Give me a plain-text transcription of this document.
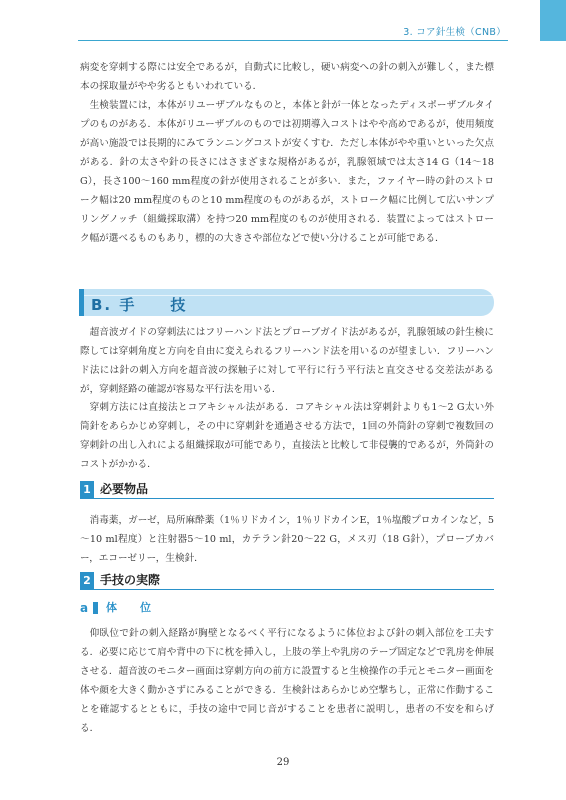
3. コア針生検（CNB）

病変を穿刺する際には安全であるが，自動式に比較し，硬い病変への針の刺入が難しく，また標本の採取量がやや劣るともいわれている．

生検装置には，本体がリユーザブルなものと，本体と針が一体となったディスポーザブルタイプのものがある．本体がリユーザブルのものでは初期導入コストはやや高めであるが，使用頻度が高い施設では長期的にみてランニングコストが安くすむ．ただし本体がやや重いといった欠点がある．針の太さや針の長さにはさまざまな規格があるが，乳腺領域では太さ14 G（14～18 G），長さ100～160 mm程度の針が使用されることが多い．また，ファイヤー時の針のストローク幅は20 mm程度のものと10 mm程度のものがあるが，ストローク幅に比例して広いサンプリングノッチ（組織採取溝）を持つ20 mm程度のものが使用される．装置によってはストローク幅が選べるものもあり，標的の大きさや部位などで使い分けることが可能である．

B. 手　　技

超音波ガイドの穿刺法にはフリーハンド法とプローブガイド法があるが，乳腺領域の針生検に際しては穿刺角度と方向を自由に変えられるフリーハンド法を用いるのが望ましい．フリーハンド法には針の刺入方向を超音波の探触子に対して平行に行う平行法と直交させる交差法があるが，穿刺経路の確認が容易な平行法を用いる．

穿刺方法には直接法とコアキシャル法がある．コアキシャル法は穿刺針よりも1～2 G太い外筒針をあらかじめ穿刺し，その中に穿刺針を通過させる方法で，1回の外筒針の穿刺で複数回の穿刺針の出し入れによる組織採取が可能であり，直接法と比較して非侵襲的であるが，外筒針のコストがかかる．

1 必要物品

消毒薬，ガーゼ，局所麻酔薬（1％リドカイン，1％リドカインE，1％塩酸プロカインなど，5～10 ml程度）と注射器5～10 ml，カテラン針20～22 G，メス刃（18 G針），プローブカバー，エコーゼリー，生検針．

2 手技の実際
a 体　位

仰臥位で針の刺入経路が胸壁となるべく平行になるように体位および針の刺入部位を工夫する．必要に応じて肩や背中の下に枕を挿入し，上肢の挙上や乳房のテープ固定などで乳房を伸展させる．超音波のモニター画面は穿刺方向の前方に設置すると生検操作の手元とモニター画面を体や顔を大きく動かさずにみることができる．生検針はあらかじめ空撃ちし，正常に作動することを確認するとともに，手技の途中で同じ音がすることを患者に説明し，患者の不安を和らげる．

29
